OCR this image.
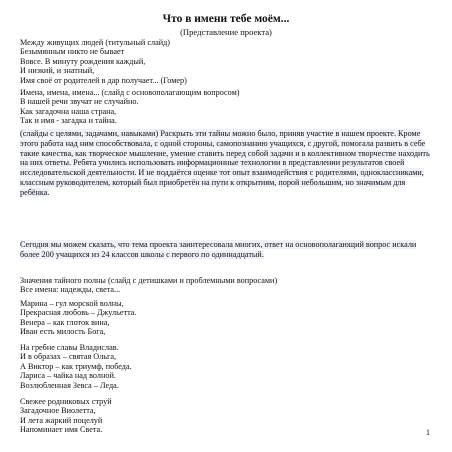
Что в имени тебе моём...
(Представление проекта)
Между живущих людей (титульный слайд)
Безымянным никто не бывает
Вовсе. В минуту рождения каждый,
И низкий, и знатный,
Имя своё от родителей в дар получает... (Гомер)
Имена, имена, имена... (слайд с основополагающим вопросом)
В нашей речи звучат не случайно.
Как загадочна наша страна,
Так и имя - загадка и тайна.
(слайды с целями, задачами, навыками) Раскрыть эти тайны можно было, приняв участие в нашем проекте. Кроме этого работа над ним способствовала, с одной стороны, самопознанию учащихся, с другой, помогала развить в себе такие качества, как творческое мышление, умение ставить перед собой задачи и в коллективном творчестве находить на них ответы. Ребята учились использовать информационные технологии в представлении результатов своей исследовательской деятельности. И не поддаётся оценке тот опыт взаимодействия с родителями, одноклассниками, классным руководителем, который был приобретён на пути к открытиям, порой небольшим, но значимым для ребёнка.
Сегодня мы можем сказать, что тема проекта заинтересовала многих, ответ на основополагающий вопрос искали более 200 учащихся из 24 классов школы с первого по одиннадцатый.
Значения тайного полны (слайд с детишками и проблемными вопросами)
Все имена: надежды, света...
Марина – гул морской волны,
Прекрасная любовь – Джульетта.
Венера – как глоток вина,
Иван есть милость Бога,
На гребне славы Владислав.
И в образах – святая Ольга,
А Виктор – как триумф, победа.
Лариса – чайка над волной.
Возлюбленная Зевса – Леда.
Свежее родниковых струй
Загадочное Виолетта,
И лета жаркий поцелуй
Напоминает имя Света.	1
